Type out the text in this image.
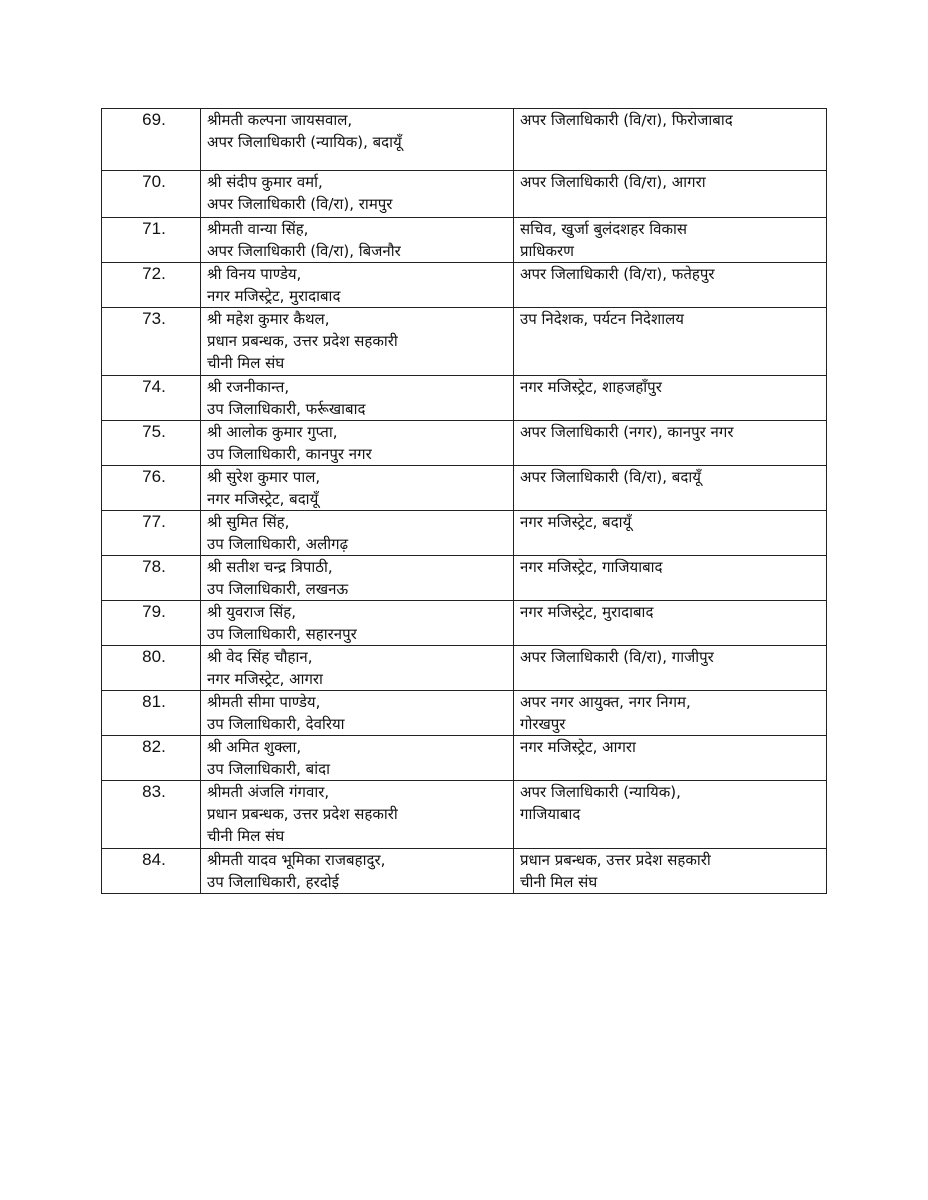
69.	श्रीमती कल्पना जायसवाल,
अपर जिलाधिकारी (न्यायिक), बदायूँ	अपर जिलाधिकारी (वि/रा), फिरोजाबाद

70.	श्री संदीप कुमार वर्मा,
अपर जिलाधिकारी (वि/रा), रामपुर	अपर जिलाधिकारी (वि/रा), आगरा

71.	श्रीमती वान्या सिंह,
अपर जिलाधिकारी (वि/रा), बिजनौर	सचिव, खुर्जा बुलंदशहर विकास
प्राधिकरण

72.	श्री विनय पाण्डेय,
नगर मजिस्ट्रेट, मुरादाबाद	अपर जिलाधिकारी (वि/रा), फतेहपुर

73.	श्री महेश कुमार कैथल,
प्रधान प्रबन्धक, उत्तर प्रदेश सहकारी
चीनी मिल संघ	उप निदेशक, पर्यटन निदेशालय

74.	श्री रजनीकान्त,
उप जिलाधिकारी, फर्रूखाबाद	नगर मजिस्ट्रेट, शाहजहाँपुर

75.	श्री आलोक कुमार गुप्ता,
उप जिलाधिकारी, कानपुर नगर	अपर जिलाधिकारी (नगर), कानपुर नगर

76.	श्री सुरेश कुमार पाल,
नगर मजिस्ट्रेट, बदायूँ	अपर जिलाधिकारी (वि/रा), बदायूँ

77.	श्री सुमित सिंह,
उप जिलाधिकारी, अलीगढ़	नगर मजिस्ट्रेट, बदायूँ

78.	श्री सतीश चन्द्र त्रिपाठी,
उप जिलाधिकारी, लखनऊ	नगर मजिस्ट्रेट, गाजियाबाद

79.	श्री युवराज सिंह,
उप जिलाधिकारी, सहारनपुर	नगर मजिस्ट्रेट, मुरादाबाद

80.	श्री वेद सिंह चौहान,
नगर मजिस्ट्रेट, आगरा	अपर जिलाधिकारी (वि/रा), गाजीपुर

81.	श्रीमती सीमा पाण्डेय,
उप जिलाधिकारी, देवरिया	अपर नगर आयुक्त, नगर निगम,
गोरखपुर

82.	श्री अमित शुक्ला,
उप जिलाधिकारी, बांदा	नगर मजिस्ट्रेट, आगरा

83.	श्रीमती अंजलि गंगवार,
प्रधान प्रबन्धक, उत्तर प्रदेश सहकारी
चीनी मिल संघ	अपर जिलाधिकारी (न्यायिक),
गाजियाबाद

84.	श्रीमती यादव भूमिका राजबहादुर,
उप जिलाधिकारी, हरदोई	प्रधान प्रबन्धक, उत्तर प्रदेश सहकारी
चीनी मिल संघ
